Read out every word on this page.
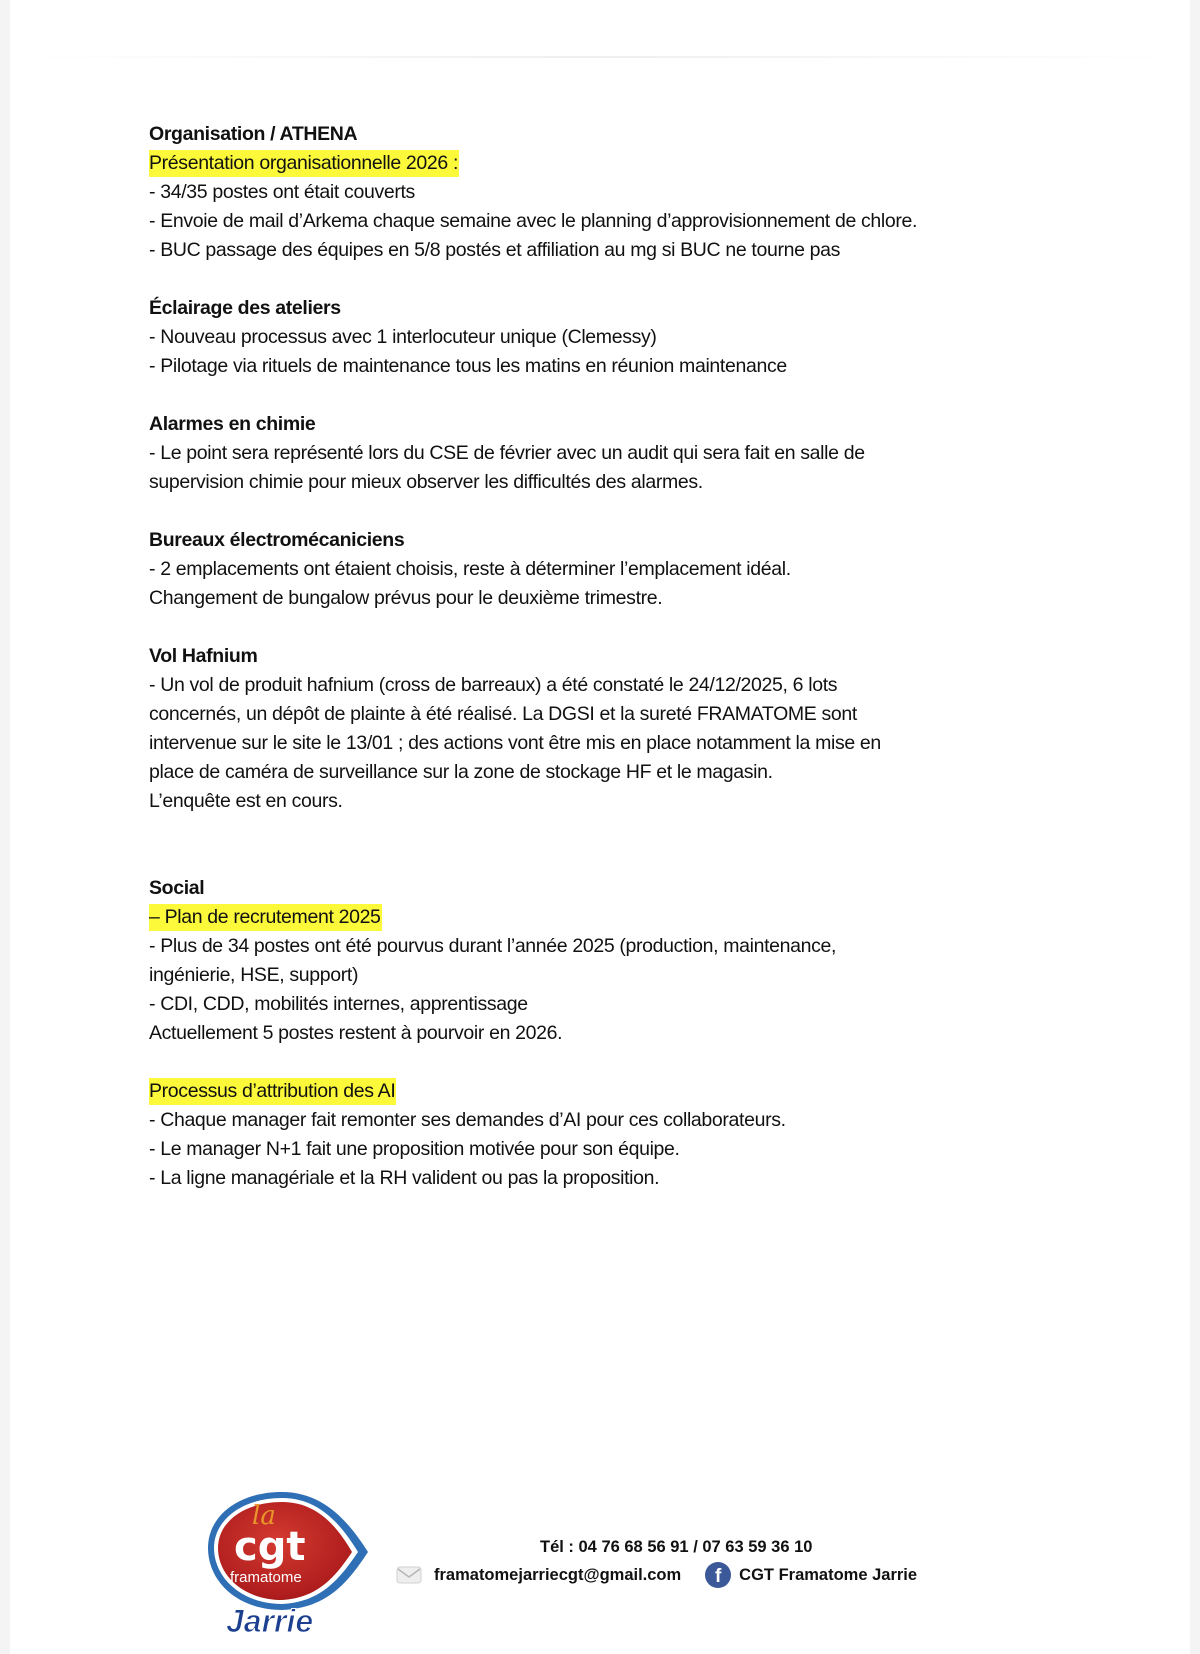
Organisation / ATHENA
Présentation organisationnelle 2026 :
- 34/35 postes ont était couverts
- Envoie de mail d’Arkema chaque semaine avec le planning d’approvisionnement de chlore.
- BUC passage des équipes en 5/8 postés et affiliation au mg si BUC ne tourne pas
Éclairage des ateliers
- Nouveau processus avec 1 interlocuteur unique (Clemessy)
- Pilotage via rituels de maintenance tous les matins en réunion maintenance
Alarmes en chimie
- Le point sera représenté lors du CSE de février avec un audit qui sera fait en salle de
supervision chimie pour mieux observer les difficultés des alarmes.
Bureaux électromécaniciens
- 2 emplacements ont étaient choisis, reste à déterminer l’emplacement idéal.
Changement de bungalow prévus pour le deuxième trimestre.
Vol Hafnium
- Un vol de produit hafnium (cross de barreaux) a été constaté le 24/12/2025, 6 lots
concernés, un dépôt de plainte à été réalisé. La DGSI et la sureté FRAMATOME sont
intervenue sur le site le 13/01 ; des actions vont être mis en place notamment la mise en
place de caméra de surveillance sur la zone de stockage HF et le magasin.
L’enquête est en cours.
Social
– Plan de recrutement 2025
- Plus de 34 postes ont été pourvus durant l’année 2025 (production, maintenance,
ingénierie, HSE, support)
- CDI, CDD, mobilités internes, apprentissage
Actuellement 5 postes restent à pourvoir en 2026.
Processus d’attribution des AI
- Chaque manager fait remonter ses demandes d’AI pour ces collaborateurs.
- Le manager N+1 fait une proposition motivée pour son équipe.
- La ligne managériale et la RH valident ou pas la proposition.
la
cgt
framatome
Jarrie
Tél : 04 76 68 56 91 / 07 63 59 36 10
framatomejarriecgt@gmail.com	f	CGT Framatome Jarrie
